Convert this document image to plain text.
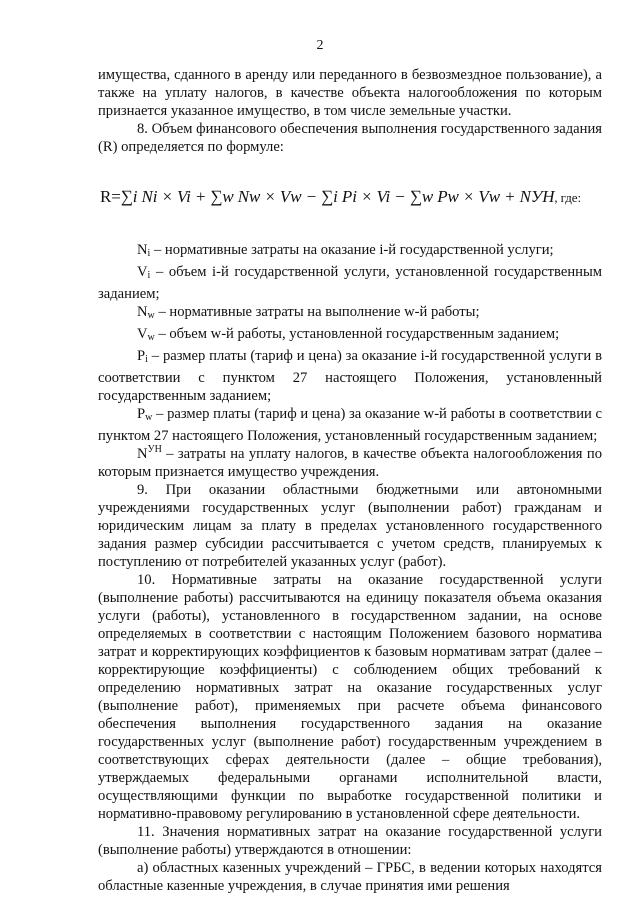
2

имущества, сданного в аренду или переданного в безвозмездное пользование), а также на уплату налогов, в качестве объекта налогообложения по которым признается указанное имущество, в том числе земельные участки.

8. Объем финансового обеспечения выполнения государственного задания (R) определяется по формуле:

R=∑i Ni × Vi + ∑w Nw × Vw − ∑i Pi × Vi − ∑w Pw × Vw + NУН, где:

$N_i$ – нормативные затраты на оказание i-й государственной услуги;

$V_i$ – объем i-й государственной услуги, установленной государственным заданием;

$N_w$ – нормативные затраты на выполнение w-й работы;

$V_w$ – объем w-й работы, установленной государственным заданием;

$P_i$ – размер платы (тариф и цена) за оказание i-й государственной услуги в соответствии с пунктом 27 настоящего Положения, установленный государственным заданием;

$P_w$ – размер платы (тариф и цена) за оказание w-й работы в соответствии с пунктом 27 настоящего Положения, установленный государственным заданием;

$N^{УН}$ – затраты на уплату налогов, в качестве объекта налогообложения по которым признается имущество учреждения.

9. При оказании областными бюджетными или автономными учреждениями государственных услуг (выполнении работ) гражданам и юридическим лицам за плату в пределах установленного государственного задания размер субсидии рассчитывается с учетом средств, планируемых к поступлению от потребителей указанных услуг (работ).

10. Нормативные затраты на оказание государственной услуги (выполнение работы) рассчитываются на единицу показателя объема оказания услуги (работы), установленного в государственном задании, на основе определяемых в соответствии с настоящим Положением базового норматива затрат и корректирующих коэффициентов к базовым нормативам затрат (далее – корректирующие коэффициенты) с соблюдением общих требований к определению нормативных затрат на оказание государственных услуг (выполнение работ), применяемых при расчете объема финансового обеспечения выполнения государственного задания на оказание государственных услуг (выполнение работ) государственным учреждением в соответствующих сферах деятельности (далее – общие требования), утверждаемых федеральными органами исполнительной власти, осуществляющими функции по выработке государственной политики и нормативно-правовому регулированию в установленной сфере деятельности.

11. Значения нормативных затрат на оказание государственной услуги (выполнение работы) утверждаются в отношении:

а) областных казенных учреждений – ГРБС, в ведении которых находятся областные казенные учреждения, в случае принятия ими решения
